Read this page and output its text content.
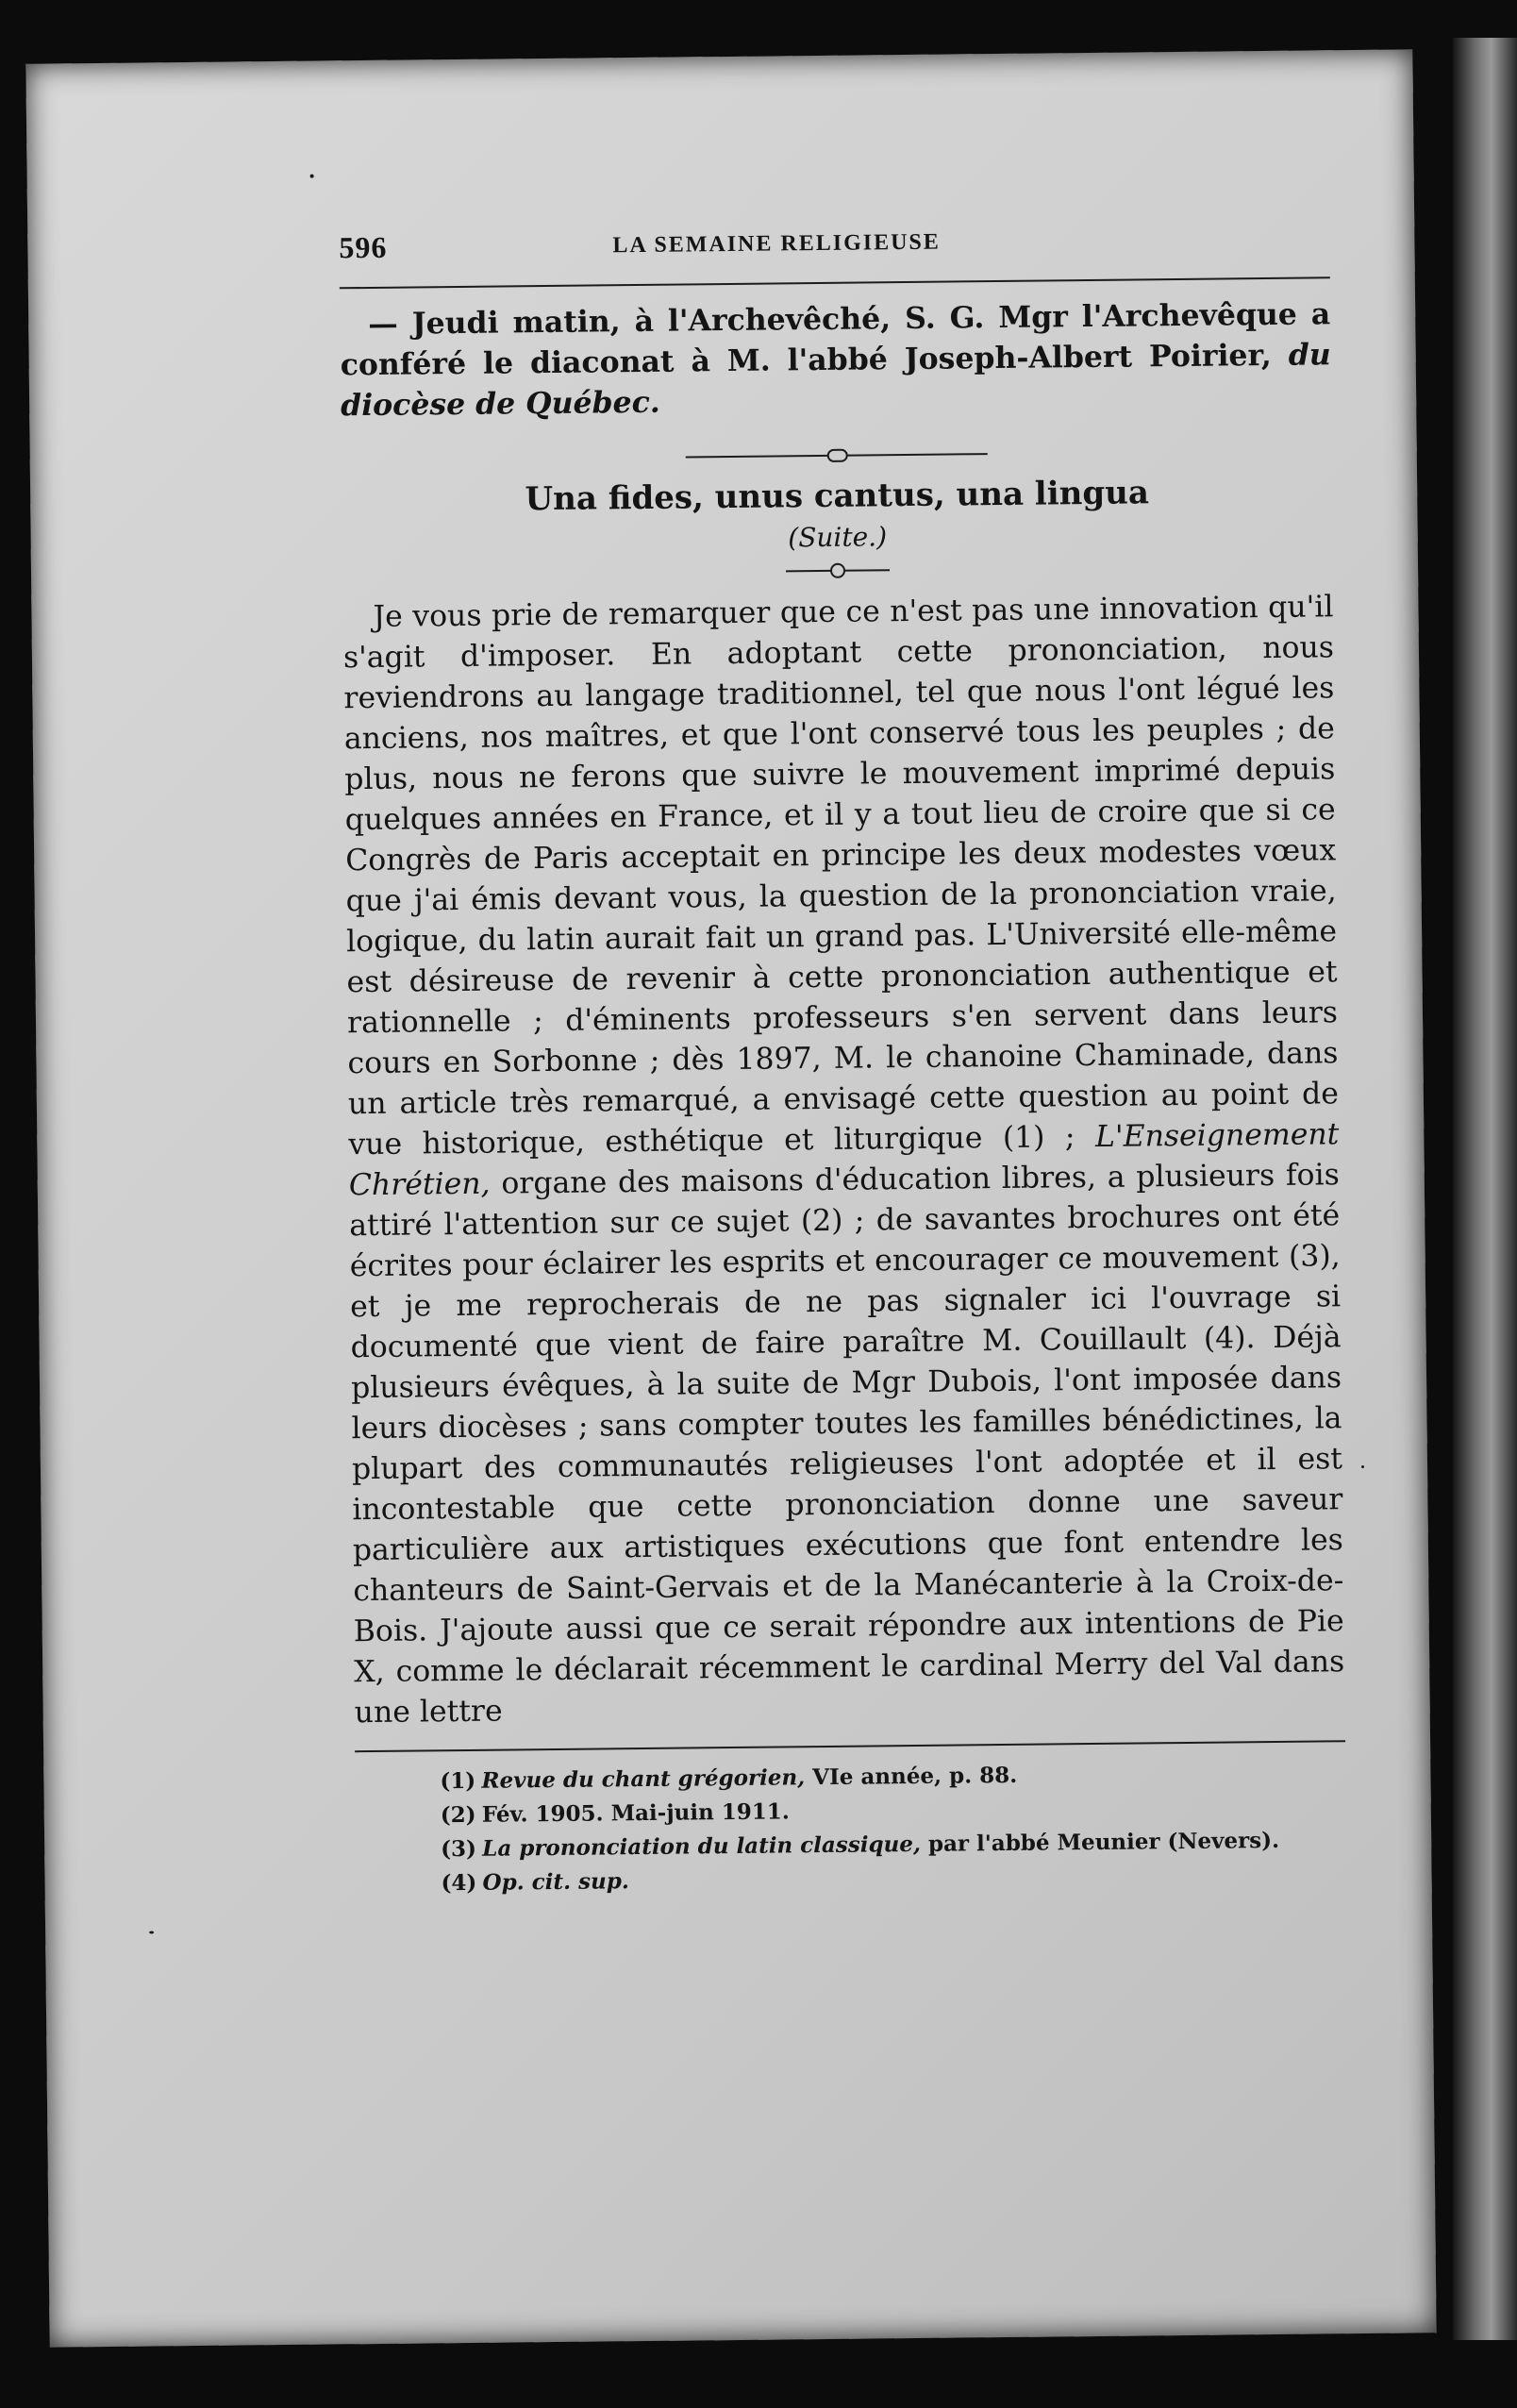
596	LA SEMAINE RELIGIEUSE

— Jeudi matin, à l'Archevêché, S. G. Mgr l'Archevêque a conféré le diaconat à M. l'abbé Joseph-Albert Poirier, du diocèse de Québec.

Una fides, unus cantus, una lingua

(Suite.)

Je vous prie de remarquer que ce n'est pas une innovation qu'il s'agit d'imposer. En adoptant cette prononciation, nous reviendrons au langage traditionnel, tel que nous l'ont légué les anciens, nos maîtres, et que l'ont conservé tous les peuples ; de plus, nous ne ferons que suivre le mouvement imprimé depuis quelques années en France, et il y a tout lieu de croire que si ce Congrès de Paris acceptait en principe les deux modestes vœux que j'ai émis devant vous, la question de la prononciation vraie, logique, du latin aurait fait un grand pas. L'Université elle-même est désireuse de revenir à cette prononciation authentique et rationnelle ; d'éminents professeurs s'en servent dans leurs cours en Sorbonne ; dès 1897, M. le chanoine Chaminade, dans un article très remarqué, a envisagé cette question au point de vue historique, esthétique et liturgique (1) ; L'Enseignement Chrétien, organe des maisons d'éducation libres, a plusieurs fois attiré l'attention sur ce sujet (2) ; de savantes brochures ont été écrites pour éclairer les esprits et encourager ce mouvement (3), et je me reprocherais de ne pas signaler ici l'ouvrage si documenté que vient de faire paraître M. Couillault (4). Déjà plusieurs évêques, à la suite de Mgr Dubois, l'ont imposée dans leurs diocèses ; sans compter toutes les familles bénédictines, la plupart des communautés religieuses l'ont adoptée et il est incontestable que cette prononciation donne une saveur particulière aux artistiques exécutions que font entendre les chanteurs de Saint-Gervais et de la Manécanterie à la Croix-de-Bois. J'ajoute aussi que ce serait répondre aux intentions de Pie X, comme le déclarait récemment le cardinal Merry del Val dans une lettre

(1) Revue du chant grégorien, VIe année, p. 88.
(2) Fév. 1905. Mai-juin 1911.
(3) La prononciation du latin classique, par l'abbé Meunier (Nevers).
(4) Op. cit. sup.
